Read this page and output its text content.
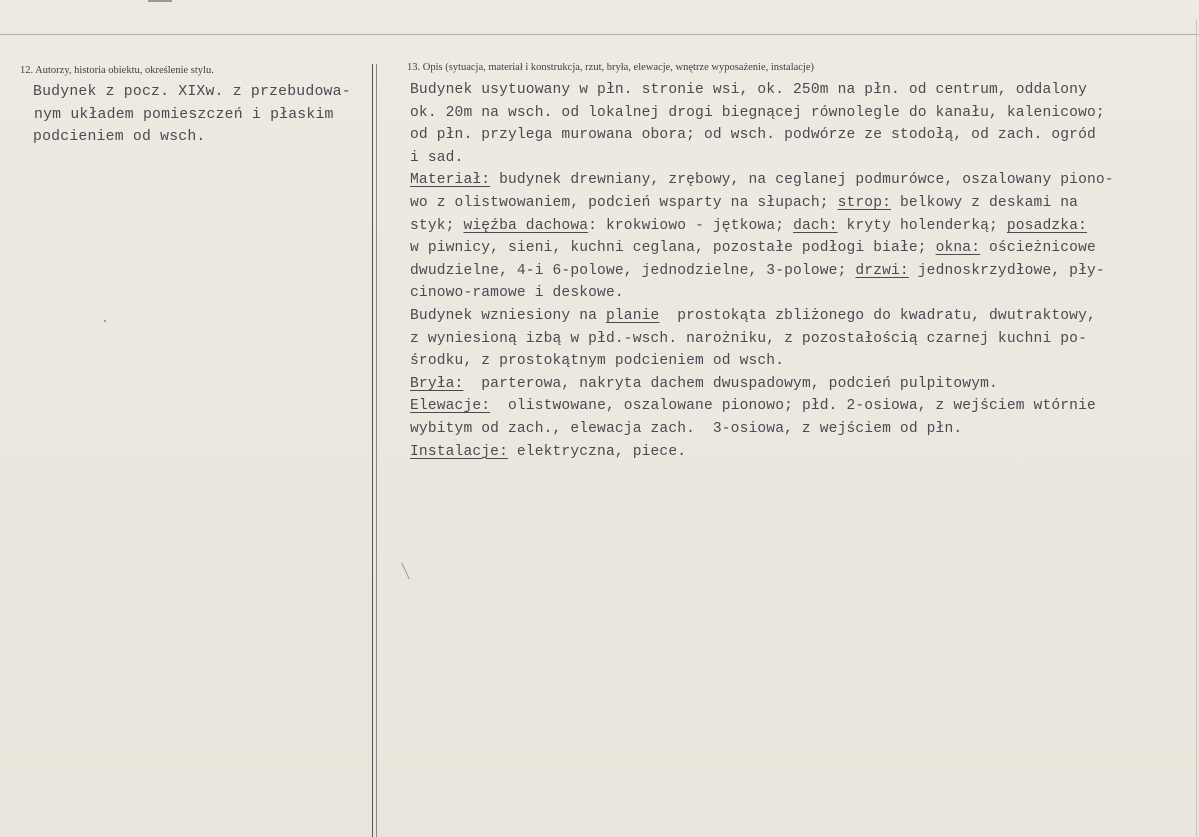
12. Autorzy, historia obiektu, określenie stylu.	13. Opis (sytuacja, materiał i konstrukcja, rzut, bryła, elewacje, wnętrze wyposażenie, instalacje)
Budynek z pocz. XIXw. z przebudowa-
nym układem pomieszczeń i płaskim
podcieniem od wsch.
Budynek usytuowany w płn. stronie wsi, ok. 250m na płn. od centrum, oddalony
ok. 20m na wsch. od lokalnej drogi biegnącej równolegle do kanału, kalenicowo;
od płn. przylega murowana obora; od wsch. podwórze ze stodołą, od zach. ogród
i sad.
Materiał: budynek drewniany, zrębowy, na ceglanej podmurówce, oszalowany piono-
wo z olistwowaniem, podcień wsparty na słupach; strop: belkowy z deskami na
styk; więźba dachowa: krokwiowo - jętkowa; dach: kryty holenderką; posadzka:
w piwnicy, sieni, kuchni ceglana, pozostałe podłogi białe; okna: ościeżnicowe
dwudzielne, 4-i 6-polowe, jednodzielne, 3-polowe; drzwi: jednoskrzydłowe, pły-
cinowo-ramowe i deskowe.
Budynek wzniesiony na planie  prostokąta zbliżonego do kwadratu, dwutraktowy,
z wyniesioną izbą w płd.-wsch. narożniku, z pozostałością czarnej kuchni po-
środku, z prostokątnym podcieniem od wsch.
Bryła:  parterowa, nakryta dachem dwuspadowym, podcień pulpitowym.
Elewacje:  olistwowane, oszalowane pionowo; płd. 2-osiowa, z wejściem wtórnie
wybitym od zach., elewacja zach.  3-osiowa, z wejściem od płn.
Instalacje: elektryczna, piece.
